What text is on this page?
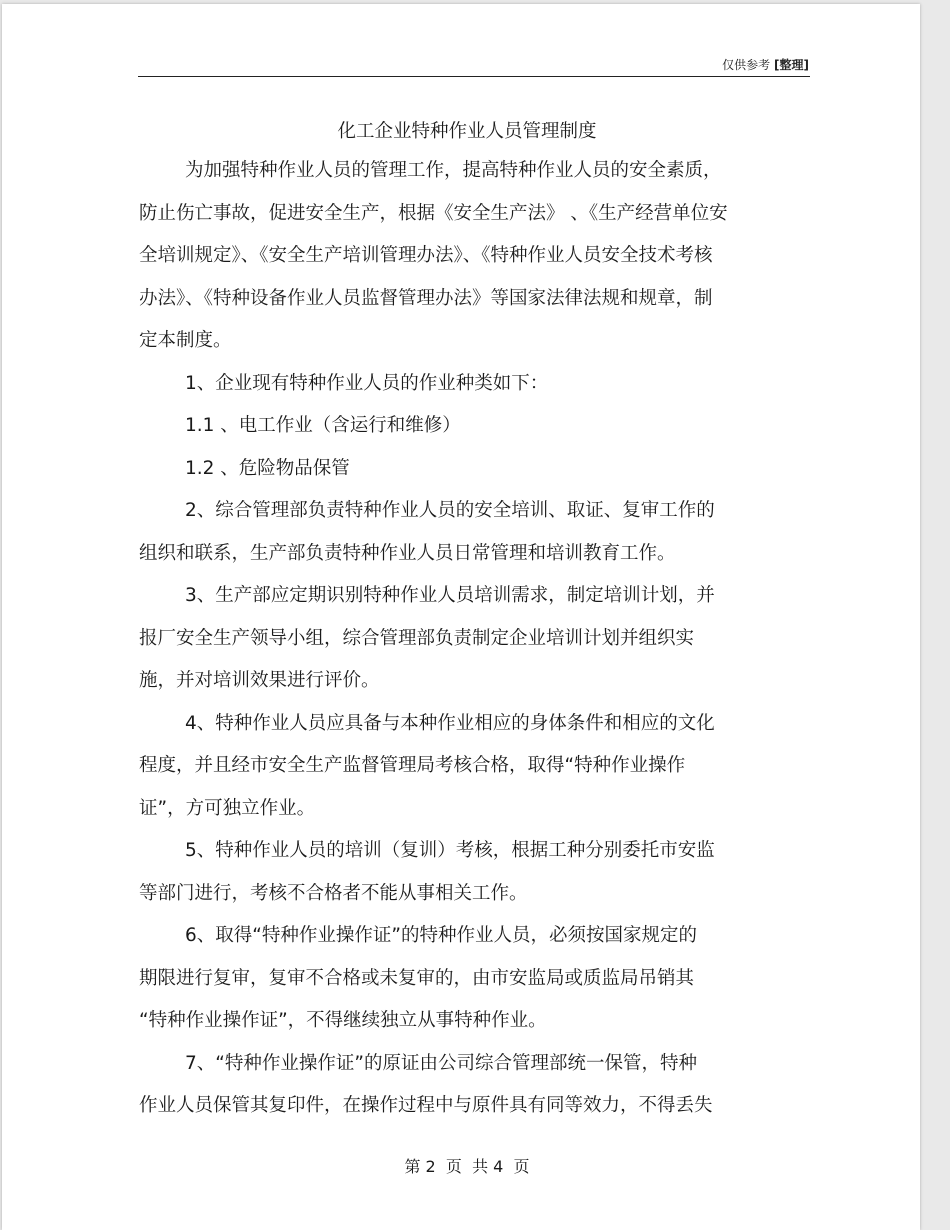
仅供参考 [整理]
化工企业特种作业人员管理制度
为加强特种作业人员的管理工作，提高特种作业人员的安全素质，
防止伤亡事故，促进安全生产，根据《安全生产法》 、《生产经营单位安
全培训规定》、《安全生产培训管理办法》、《特种作业人员安全技术考核
办法》、《特种设备作业人员监督管理办法》等国家法律法规和规章，制
定本制度。
1、企业现有特种作业人员的作业种类如下：
1.1 、电工作业（含运行和维修）
1.2 、危险物品保管
2、综合管理部负责特种作业人员的安全培训、取证、复审工作的
组织和联系，生产部负责特种作业人员日常管理和培训教育工作。
3、生产部应定期识别特种作业人员培训需求，制定培训计划，并
报厂安全生产领导小组，综合管理部负责制定企业培训计划并组织实
施，并对培训效果进行评价。
4、特种作业人员应具备与本种作业相应的身体条件和相应的文化
程度，并且经市安全生产监督管理局考核合格，取得“特种作业操作
证”，方可独立作业。
5、特种作业人员的培训（复训）考核，根据工种分别委托市安监
等部门进行，考核不合格者不能从事相关工作。
6、取得“特种作业操作证”的特种作业人员，必须按国家规定的
期限进行复审，复审不合格或未复审的，由市安监局或质监局吊销其
“特种作业操作证”，不得继续独立从事特种作业。
7、“特种作业操作证”的原证由公司综合管理部统一保管，特种
作业人员保管其复印件，在操作过程中与原件具有同等效力，不得丢失
第 2  页  共 4  页
